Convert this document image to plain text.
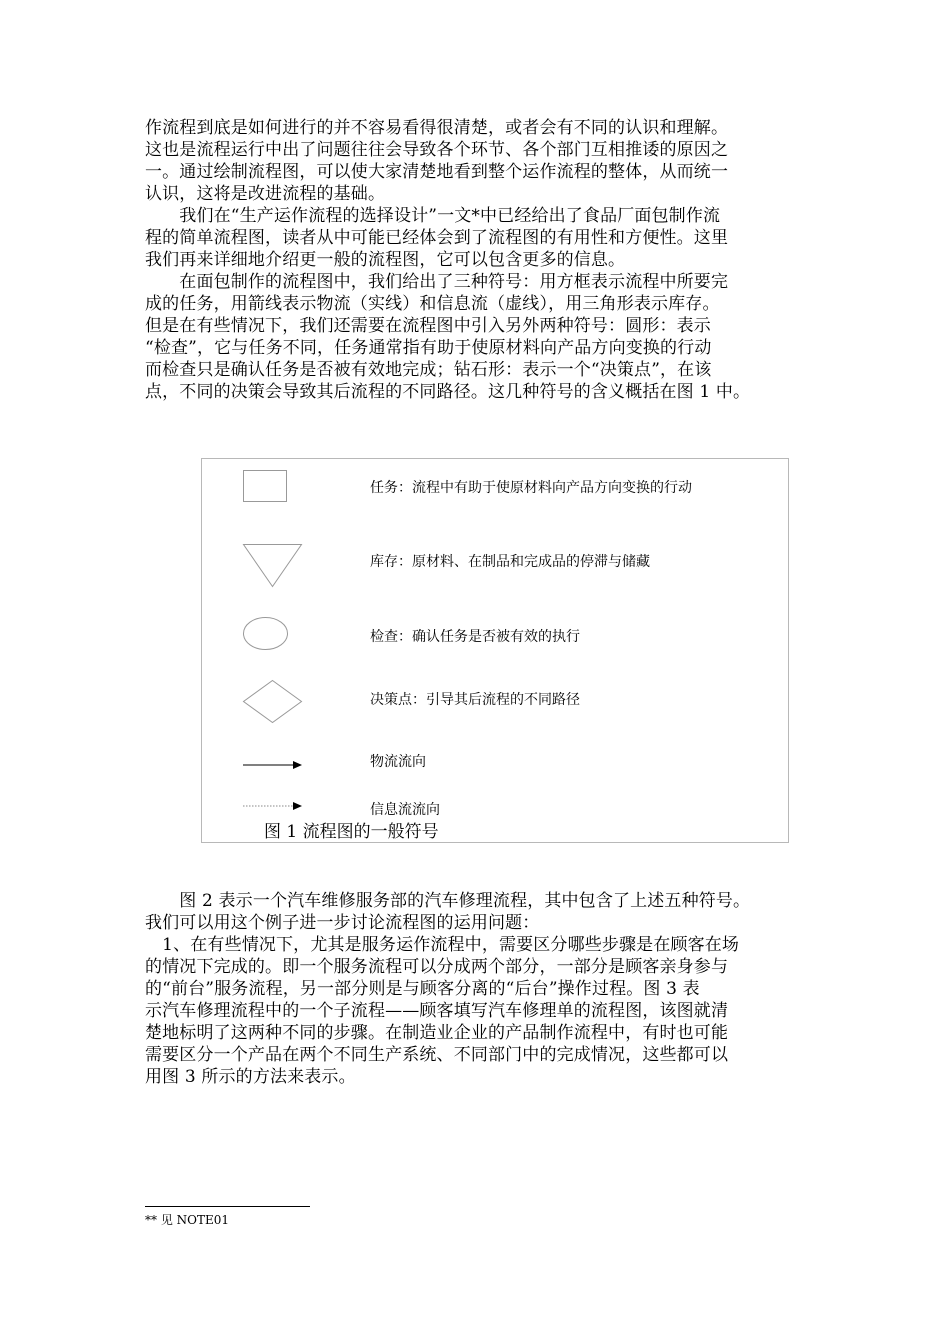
作流程到底是如何进行的并不容易看得很清楚，或者会有不同的认识和理解。
这也是流程运行中出了问题往往会导致各个环节、各个部门互相推诿的原因之
一。通过绘制流程图，可以使大家清楚地看到整个运作流程的整体，从而统一
认识，这将是改进流程的基础。
　　我们在“生产运作流程的选择设计”一文*中已经给出了食品厂面包制作流
程的简单流程图，读者从中可能已经体会到了流程图的有用性和方便性。这里
我们再来详细地介绍更一般的流程图，它可以包含更多的信息。
　　在面包制作的流程图中，我们给出了三种符号：用方框表示流程中所要完
成的任务，用箭线表示物流（实线）和信息流（虚线），用三角形表示库存。
但是在有些情况下，我们还需要在流程图中引入另外两种符号：圆形：表示
“检查”，它与任务不同，任务通常指有助于使原材料向产品方向变换的行动
而检查只是确认任务是否被有效地完成；钻石形：表示一个“决策点”，在该
点，不同的决策会导致其后流程的不同路径。这几种符号的含义概括在图 1 中。
任务：流程中有助于使原材料向产品方向变换的行动
库存：原材料、在制品和完成品的停滞与储藏
检查：确认任务是否被有效的执行
决策点：引导其后流程的不同路径
物流流向
信息流流向
图 1 流程图的一般符号
　　图 2 表示一个汽车维修服务部的汽车修理流程，其中包含了上述五种符号。
我们可以用这个例子进一步讨论流程图的运用问题：
　1、在有些情况下，尤其是服务运作流程中，需要区分哪些步骤是在顾客在场
的情况下完成的。即一个服务流程可以分成两个部分，一部分是顾客亲身参与
的“前台”服务流程，另一部分则是与顾客分离的“后台”操作过程。图 3 表
示汽车修理流程中的一个子流程——顾客填写汽车修理单的流程图，该图就清
楚地标明了这两种不同的步骤。在制造业企业的产品制作流程中，有时也可能
需要区分一个产品在两个不同生产系统、不同部门中的完成情况，这些都可以
用图 3 所示的方法来表示。
** 见 NOTE01
